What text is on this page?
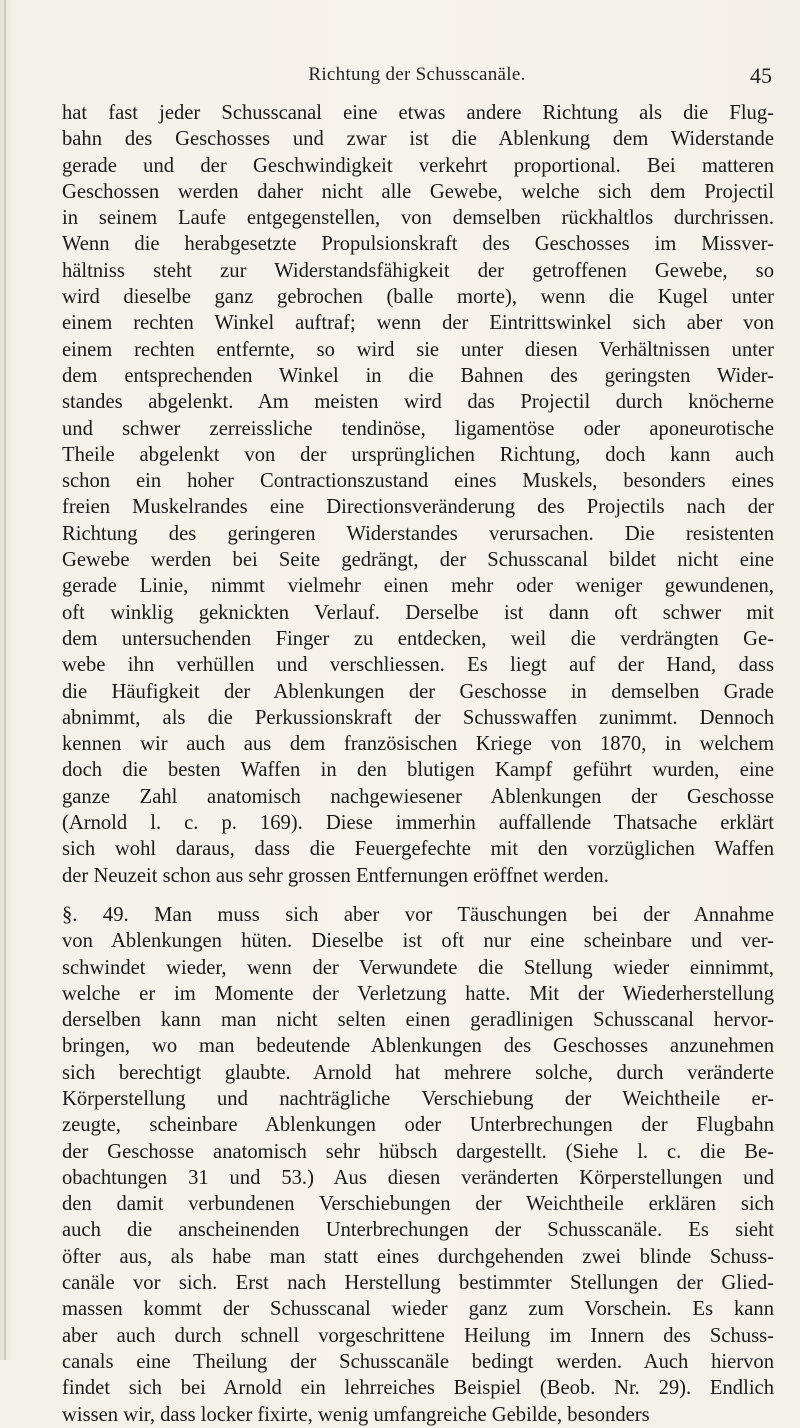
Richtung der Schusscanäle.	45
hat fast jeder Schusscanal eine etwas andere Richtung als die Flug-
bahn des Geschosses und zwar ist die Ablenkung dem Widerstande
gerade und der Geschwindigkeit verkehrt proportional. Bei matteren
Geschossen werden daher nicht alle Gewebe, welche sich dem Projectil
in seinem Laufe entgegenstellen, von demselben rückhaltlos durchrissen.
Wenn die herabgesetzte Propulsionskraft des Geschosses im Missver-
hältniss steht zur Widerstandsfähigkeit der getroffenen Gewebe, so
wird dieselbe ganz gebrochen (balle morte), wenn die Kugel unter
einem rechten Winkel auftraf; wenn der Eintrittswinkel sich aber von
einem rechten entfernte, so wird sie unter diesen Verhältnissen unter
dem entsprechenden Winkel in die Bahnen des geringsten Wider-
standes abgelenkt. Am meisten wird das Projectil durch knöcherne
und schwer zerreissliche tendinöse, ligamentöse oder aponeurotische
Theile abgelenkt von der ursprünglichen Richtung, doch kann auch
schon ein hoher Contractionszustand eines Muskels, besonders eines
freien Muskelrandes eine Directionsveränderung des Projectils nach der
Richtung des geringeren Widerstandes verursachen. Die resistenten
Gewebe werden bei Seite gedrängt, der Schusscanal bildet nicht eine
gerade Linie, nimmt vielmehr einen mehr oder weniger gewundenen,
oft winklig geknickten Verlauf. Derselbe ist dann oft schwer mit
dem untersuchenden Finger zu entdecken, weil die verdrängten Ge-
webe ihn verhüllen und verschliessen. Es liegt auf der Hand, dass
die Häufigkeit der Ablenkungen der Geschosse in demselben Grade
abnimmt, als die Perkussionskraft der Schusswaffen zunimmt. Dennoch
kennen wir auch aus dem französischen Kriege von 1870, in welchem
doch die besten Waffen in den blutigen Kampf geführt wurden, eine
ganze Zahl anatomisch nachgewiesener Ablenkungen der Geschosse
(Arnold l. c. p. 169). Diese immerhin auffallende Thatsache erklärt
sich wohl daraus, dass die Feuergefechte mit den vorzüglichen Waffen
der Neuzeit schon aus sehr grossen Entfernungen eröffnet werden.
§. 49. Man muss sich aber vor Täuschungen bei der Annahme
von Ablenkungen hüten. Dieselbe ist oft nur eine scheinbare und ver-
schwindet wieder, wenn der Verwundete die Stellung wieder einnimmt,
welche er im Momente der Verletzung hatte. Mit der Wiederherstellung
derselben kann man nicht selten einen geradlinigen Schusscanal hervor-
bringen, wo man bedeutende Ablenkungen des Geschosses anzunehmen
sich berechtigt glaubte. Arnold hat mehrere solche, durch veränderte
Körperstellung und nachträgliche Verschiebung der Weichtheile er-
zeugte, scheinbare Ablenkungen oder Unterbrechungen der Flugbahn
der Geschosse anatomisch sehr hübsch dargestellt. (Siehe l. c. die Be-
obachtungen 31 und 53.) Aus diesen veränderten Körperstellungen und
den damit verbundenen Verschiebungen der Weichtheile erklären sich
auch die anscheinenden Unterbrechungen der Schusscanäle. Es sieht
öfter aus, als habe man statt eines durchgehenden zwei blinde Schuss-
canäle vor sich. Erst nach Herstellung bestimmter Stellungen der Glied-
massen kommt der Schusscanal wieder ganz zum Vorschein. Es kann
aber auch durch schnell vorgeschrittene Heilung im Innern des Schuss-
canals eine Theilung der Schusscanäle bedingt werden. Auch hiervon
findet sich bei Arnold ein lehrreiches Beispiel (Beob. Nr. 29). Endlich
wissen wir, dass locker fixirte, wenig umfangreiche Gebilde, besonders
